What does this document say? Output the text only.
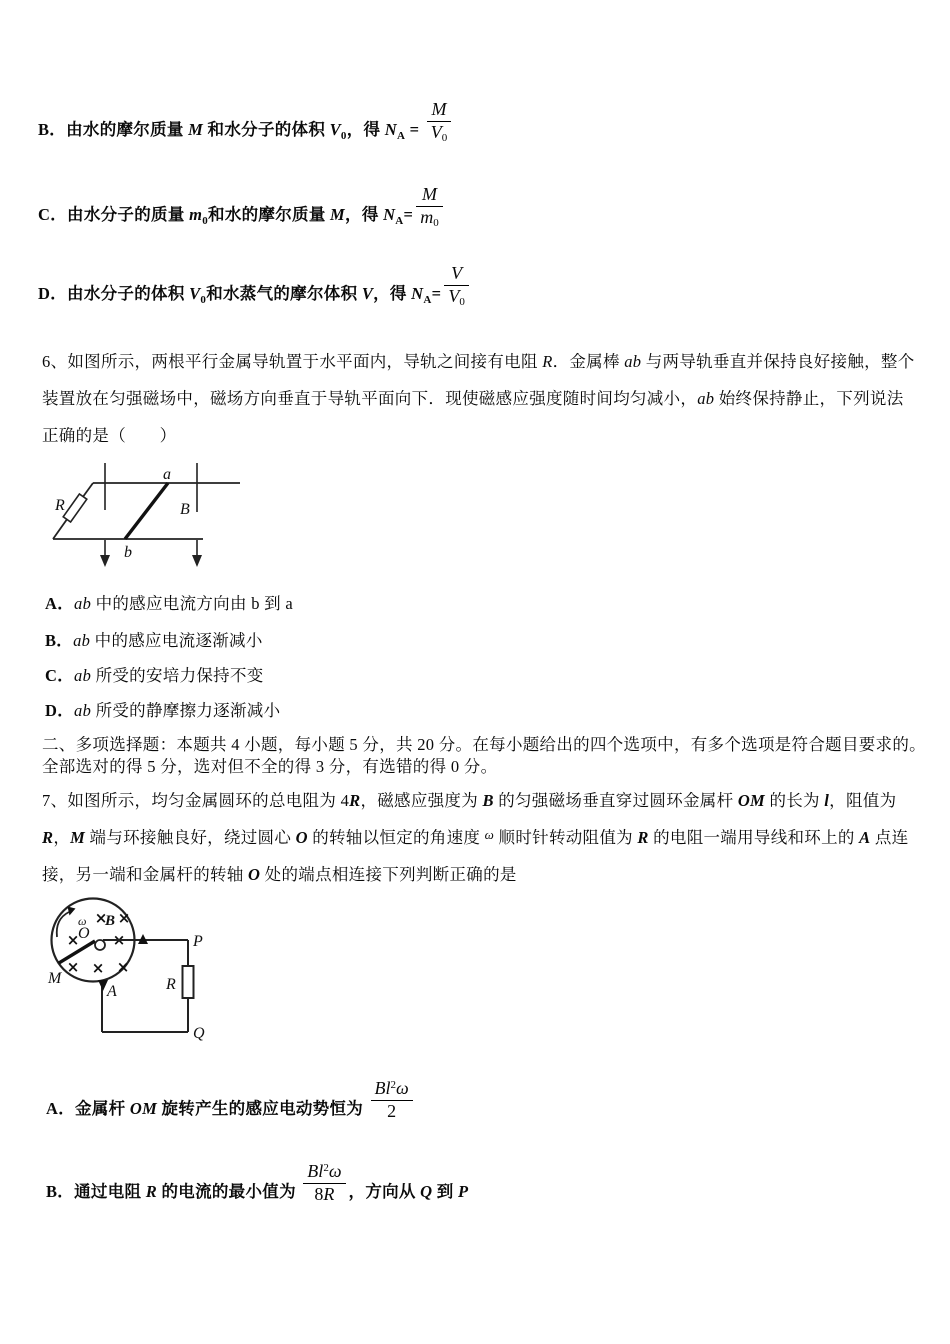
B．由水的摩尔质量 M 和水分子的体积 $V_0$，得 $N_A = \frac{M}{V0}$
C．由水分子的质量 $m_0$和水的摩尔质量 M，得 $N_A= \frac{M}{m0}$
D．由水分子的体积 $V_0$和水蒸气的摩尔体积 V，得 $N_A= \frac{V}{V0}$
6、如图所示，两根平行金属导轨置于水平面内，导轨之间接有电阻 R．金属棒 ab 与两导轨垂直并保持良好接触，整个
装置放在匀强磁场中，磁场方向垂直于导轨平面向下．现使磁感应强度随时间均匀减小，ab 始终保持静止，下列说法
正确的是（　　）
R
a
b
B
A．ab 中的感应电流方向由 b 到 a
B．ab 中的感应电流逐渐减小
C．ab 所受的安培力保持不变
D．ab 所受的静摩擦力逐渐减小
二、多项选择题：本题共 4 小题，每小题 5 分，共 20 分。在每小题给出的四个选项中，有多个选项是符合题目要求的。
全部选对的得 5 分，选对但不全的得 3 分，有选错的得 0 分。
7、如图所示，均匀金属圆环的总电阻为 4R，磁感应强度为 B 的匀强磁场垂直穿过圆环金属杆 OM 的长为 l，阻值为
R，M 端与环接触良好，绕过圆心 O 的转轴以恒定的角速度 $^\omega$ 顺时针转动阻值为 R 的电阻一端用导线和环上的 A 点连
接，另一端和金属杆的转轴 O 处的端点相连接下列判断正确的是
× ×
× ×
× × ×
ω B
O
M
A
P
R
Q
A．金属杆 OM 旋转产生的感应电动势恒为 $\frac{Bl^2\omega}{2}$
B．通过电阻 R 的电流的最小值为 $\frac{Bl^2\omega}{8R}$ ，方向从 Q 到 P
